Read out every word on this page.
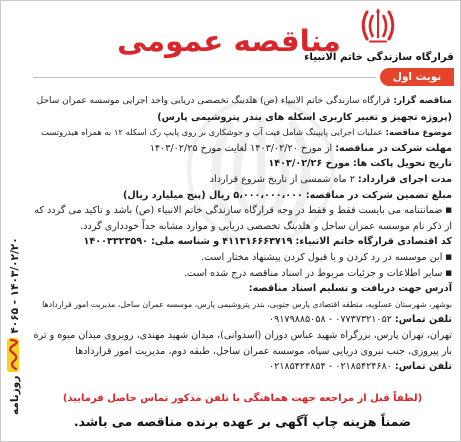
قرارگاه سازندگی خاتم الانبیاء
مناقصه عمومی
نوبت اول
مناقصه گزار:قرارگاه سازندگی خاتم الانبیاء (ص) هلدینگ تخصصی دریایی واحد اجرایی موسسه عمران ساحل
(پروژه تجهیز و تغییر کاربری اسکله های بندر پتروشیمی پارس)
موضوع مناقصه:عملیات اجرایی پایپینگ شامل فیت آپ و جوشکاری بر روی پایپ رک اسکله ۱۲ به همراه هیدروتست
مهلت شرکت در مناقصه:از مورخ ۱۴۰۳/۰۲/۲۰ لغایت مورخ ۱۴۰۳/۰۲/۲۵
تاریخ تحویل پاکت ها:مورخ ۱۴۰۳/۰۲/۲۶
مدت اجرای قرارداد:۲ ماه شمسی از تاریخ شروع قرارداد
مبلغ تضمین شرکت در مناقصه:۵،۰۰۰،۰۰۰،۰۰۰ ریال (پنج میلیارد ریال)
■ ضمانتنامه می بایست فقط و فقط در وجه قرارگاه سازندگی خاتم الانبیاء (ص) باشد و تاکید می گردد که از ذکر نام موسسه عمران ساحل و هلدینگ تخصصی دریایی و موارد مشابه جداً خودداری گردد.
کد اقتصادی قرارگاه خاتم الانبیاء:۴۱۱۳۱۶۶۶۳۷۱۹و شناسه ملی:۱۴۰۰۳۳۲۳۵۹۰
■ این موسسه در رد کردن و یا قبول کردن پیشنهاد مختار است.
■ سایر اطلاعات و جزئیات مربوط در اسناد مناقصه درج شده است.
آدرس جهت دریافت و تسلیم اسناد مناقصه:
بوشهر، شهرستان عسلویه، منطقه اقتصادی پارس جنوبی، بندر پتروشیمی پارس، موسسه عمران ساحل، مدیریت امور قراردادها
تلفن تماس:۰۷۷۳۷۳۲۱۰۵۲ - ۰۹۱۷۹۸۸۵۰۵۸
تهران، تهران پارس، بزرگراه شهید عباس دوران (اسدوانی)، میدان شهید مهندی، روبروی میدان میوه و تره بار پیروزی، جنب نیروی دریایی سپاه، موسسه عمران ساحل، طبقه دوم، مدیریت امور قراردادها
تلفن تماس:۰۲۱۸۵۴۲۴۶۸۰ - ۰۲۱۸۵۴۲۴۸۵۴
(لطفاً قبل از مراجعه جهت هماهنگی با تلفن مذکور تماس حاصل فرمایید)
ضمناً هزینه چاپ آگهی بر عهده برنده مناقصه می باشد.
روزنامه۴۰۶۵ - ۱۴۰۳/۰۲/۲۰
